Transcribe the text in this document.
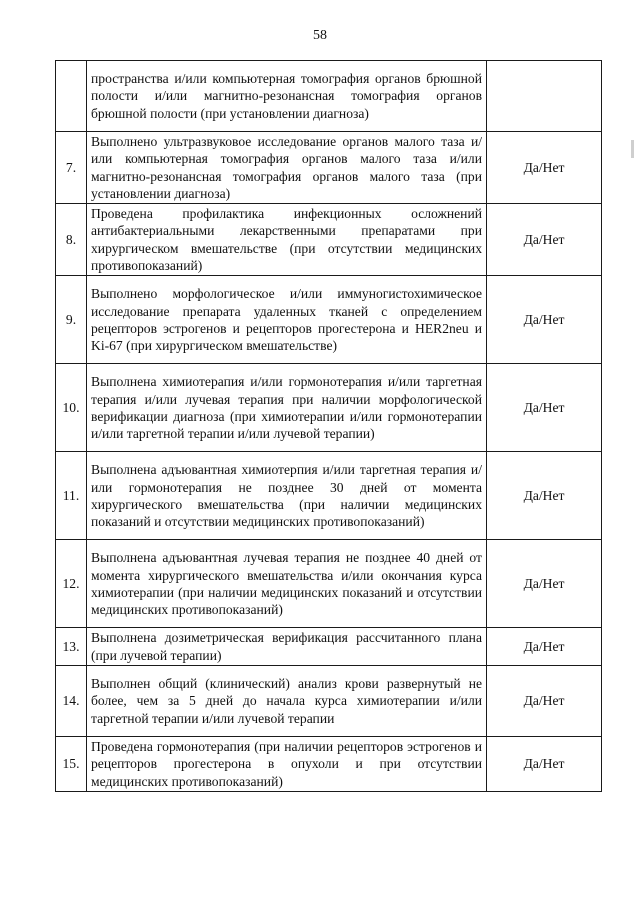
58
	пространства и/или компьютерная томография органов брюшной полости и/или магнитно-резонансная томография органов брюшной полости (при установлении диагноза)	
7.	Выполнено ультразвуковое исследование органов малого таза и/или компьютерная томография органов малого таза и/или магнитно-резонансная томография органов малого таза (при установлении диагноза)	Да/Нет
8.	Проведена профилактика инфекционных осложнений антибактериальными лекарственными препаратами при хирургическом вмешательстве (при отсутствии медицинских противопоказаний)	Да/Нет
9.	Выполнено морфологическое и/или иммуногистохимическое исследование препарата удаленных тканей с определением рецепторов эстрогенов и рецепторов прогестерона и HER2neu и Ki-67 (при хирургическом вмешательстве)	Да/Нет
10.	Выполнена химиотерапия и/или гормонотерапия и/или таргетная терапия и/или лучевая терапия при наличии морфологической верификации диагноза (при химиотерапии и/или гормонотерапии и/или таргетной терапии и/или лучевой терапии)	Да/Нет
11.	Выполнена адъювантная химиотерпия и/или таргетная терапия и/или гормонотерапия не позднее 30 дней от момента хирургического вмешательства (при наличии медицинских показаний и отсутствии медицинских противопоказаний)	Да/Нет
12.	Выполнена адъювантная лучевая терапия не позднее 40 дней от момента хирургического вмешательства и/или окончания курса химиотерапии (при наличии медицинских показаний и отсутствии медицинских противопоказаний)	Да/Нет
13.	Выполнена дозиметрическая верификация рассчитанного плана (при лучевой терапии)	Да/Нет
14.	Выполнен общий (клинический) анализ крови развернутый не более, чем за 5 дней до начала курса химиотерапии и/или таргетной терапии и/или лучевой терапии	Да/Нет
15.	Проведена гормонотерапия (при наличии рецепторов эстрогенов и рецепторов прогестерона в опухоли и при отсутствии медицинских противопоказаний)	Да/Нет
